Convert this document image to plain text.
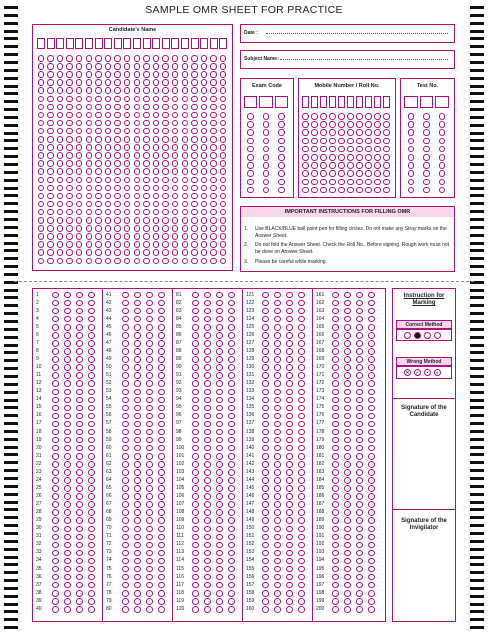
SAMPLE OMR SHEET FOR PRACTICE
Candidate's Name	Date :
Subject Name:
Exam Code	Mobile Number / Roll No.	Test No.
IMPORTANT INSTRUCTIONS FOR FILLING OMR
1. Use BLACK/BLUE ball point pen for filling circles. Do not make any Stray marks on the Answer Sheet.
2. Do not fold the Answer Sheet. Check the Roll No., Before signing. Rough work must not be done on Answer Sheet.
3. Please be careful while marking.
1
2
3
4
5
6
7
8
9
10
11
12
13
14
15
16
17
18
19
20
21
22
23
24
25
26
27
28
29
30
31
32
33
34
35
36
37
38
39
40
41
42
43
44
45
46
47
48
49
50
51
52
53
54
55
56
57
58
59
60
61
62
63
64
65
66
67
68
69
70
71
72
73
74
75
76
77
78
79
80
81
82
83
84
85
86
87
88
89
90
91
92
93
94
95
96
97
98
99
100
101
102
103
104
105
106
107
108
109
110
111
112
113
114
115
116
117
118
119
120
121
122
123
124
125
126
127
128
129
130
131
132
133
134
135
136
137
138
139
140
141
142
143
144
145
146
147
148
149
150
151
152
153
154
155
156
157
158
159
160
161
162
163
164
165
166
167
168
169
170
171
172
173
174
175
176
177
178
179
180
181
182
183
184
185
186
187
188
189
190
191
192
193
194
195
196
197
198
199
200
Instruction for Marking
Correct Method
Wrong Method
✕ ✓	•	◐
Signature of the Candidate
Signature of the Invigilator
